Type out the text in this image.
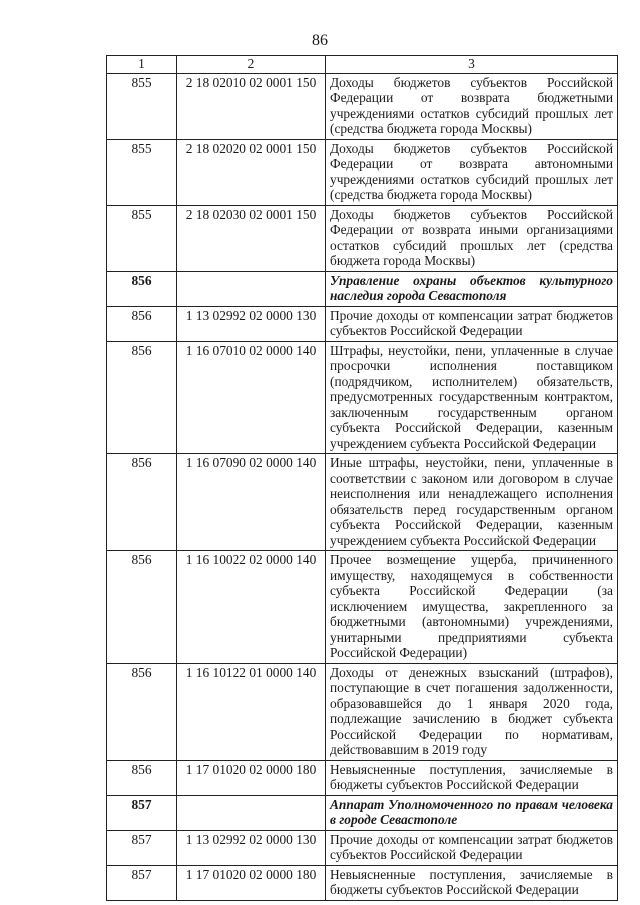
86
1	2	3
855	2 18 02010 02 0001 150	Доходы бюджетов субъектов Российской Федерации от возврата бюджетными учреждениями остатков субсидий прошлых лет (средства бюджета города Москвы)
855	2 18 02020 02 0001 150	Доходы бюджетов субъектов Российской Федерации от возврата автономными учреждениями остатков субсидий прошлых лет (средства бюджета города Москвы)
855	2 18 02030 02 0001 150	Доходы бюджетов субъектов Российской Федерации от возврата иными организациями остатков субсидий прошлых лет (средства бюджета города Москвы)
856		Управление охраны объектов культурного наследия города Севастополя
856	1 13 02992 02 0000 130	Прочие доходы от компенсации затрат бюджетов субъектов Российской Федерации
856	1 16 07010 02 0000 140	Штрафы, неустойки, пени, уплаченные в случае просрочки исполнения поставщиком (подрядчиком, исполнителем) обязательств, предусмотренных государственным контрактом, заключенным государственным органом субъекта Российской Федерации, казенным учреждением субъекта Российской Федерации
856	1 16 07090 02 0000 140	Иные штрафы, неустойки, пени, уплаченные в соответствии с законом или договором в случае неисполнения или ненадлежащего исполнения обязательств перед государственным органом субъекта Российской Федерации, казенным учреждением субъекта Российской Федерации
856	1 16 10022 02 0000 140	Прочее возмещение ущерба, причиненного имуществу, находящемуся в собственности субъекта Российской Федерации (за исключением имущества, закрепленного за бюджетными (автономными) учреждениями, унитарными предприятиями субъекта Российской Федерации)
856	1 16 10122 01 0000 140	Доходы от денежных взысканий (штрафов), поступающие в счет погашения задолженности, образовавшейся до 1 января 2020 года, подлежащие зачислению в бюджет субъекта Российской Федерации по нормативам, действовавшим в 2019 году
856	1 17 01020 02 0000 180	Невыясненные поступления, зачисляемые в бюджеты субъектов Российской Федерации
857		Аппарат Уполномоченного по правам человека в городе Севастополе
857	1 13 02992 02 0000 130	Прочие доходы от компенсации затрат бюджетов субъектов Российской Федерации
857	1 17 01020 02 0000 180	Невыясненные поступления, зачисляемые в бюджеты субъектов Российской Федерации
